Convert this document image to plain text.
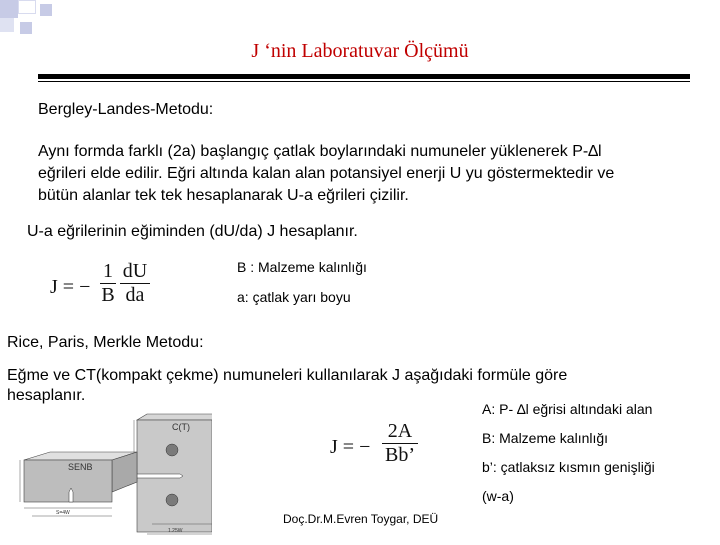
J ‘nin Laboratuvar Ölçümü
Bergley-Landes-Metodu:
Aynı formda farklı (2a) başlangıç çatlak boylarındaki numuneler yüklenerek P-∆l
eğrileri elde edilir. Eğri altında kalan alan potansiyel enerji U yu göstermektedir ve
bütün alanlar tek tek hesaplanarak U-a eğrileri çizilir.
U-a eğrilerinin eğiminden (dU/da) J hesaplanır.
J = −
1
B
dU
da
B : Malzeme kalınlığı
a: çatlak yarı boyu
Rice, Paris, Merkle Metodu:
Eğme ve CT(kompakt çekme) numuneleri kullanılarak J aşağıdaki formüle göre
hesaplanır.
J = −
2A
Bb’
A: P- ∆l eğrisi altındaki alan
B: Malzeme kalınlığı
b’: çatlaksız kısmın genişliği
(w-a)
SENB
C(T)
S=4W
1.25W
Doç.Dr.M.Evren Toygar, DEÜ
